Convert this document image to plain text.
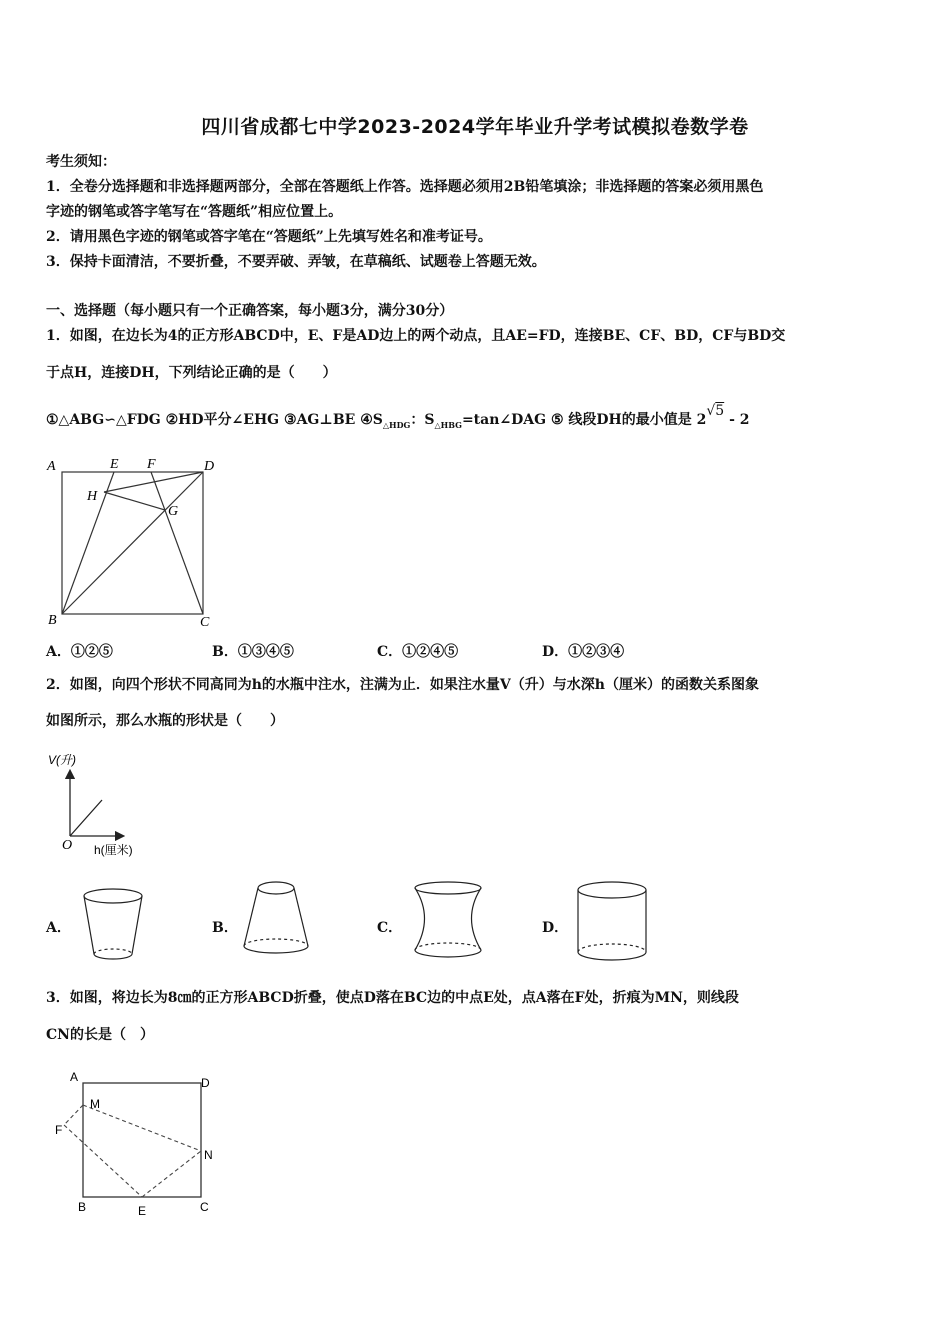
四川省成都七中学2023-2024学年毕业升学考试模拟卷数学卷
考生须知：
1．全卷分选择题和非选择题两部分，全部在答题纸上作答。选择题必须用2B铅笔填涂；非选择题的答案必须用黑色
字迹的钢笔或答字笔写在“答题纸”相应位置上。
2．请用黑色字迹的钢笔或答字笔在“答题纸”上先填写姓名和准考证号。
3．保持卡面清洁，不要折叠，不要弄破、弄皱，在草稿纸、试题卷上答题无效。
一、选择题（每小题只有一个正确答案，每小题3分，满分30分）
1．如图，在边长为4的正方形ABCD中，E、F是AD边上的两个动点，且AE=FD，连接BE、CF、BD，CF与BD交
于点H，连接DH，下列结论正确的是（　　）
①△ABG∽△FDG ②HD平分∠EHG ③AG⊥BE $④S_{\triangle HDG}$：$S_{\triangle HBG}=\tan\angle DAG$ ⑤ 线段DH的最小值是 2√5 - 2
A	E F	D
H
G
B	C
A．①②⑤	B．①③④⑤	C．①②④⑤	D．①②③④
2．如图，向四个形状不同高同为h的水瓶中注水，注满为止．如果注水量V（升）与水深h（厘米）的函数关系图象
如图所示，那么水瓶的形状是（　　）
V(升)
O h(厘米)
A．	B．	C．	D．
3．如图，将边长为8㎝的正方形ABCD折叠，使点D落在BC边的中点E处，点A落在F处，折痕为MN，则线段
CN的长是（　）
A	D
M
F
N
B	E	C
